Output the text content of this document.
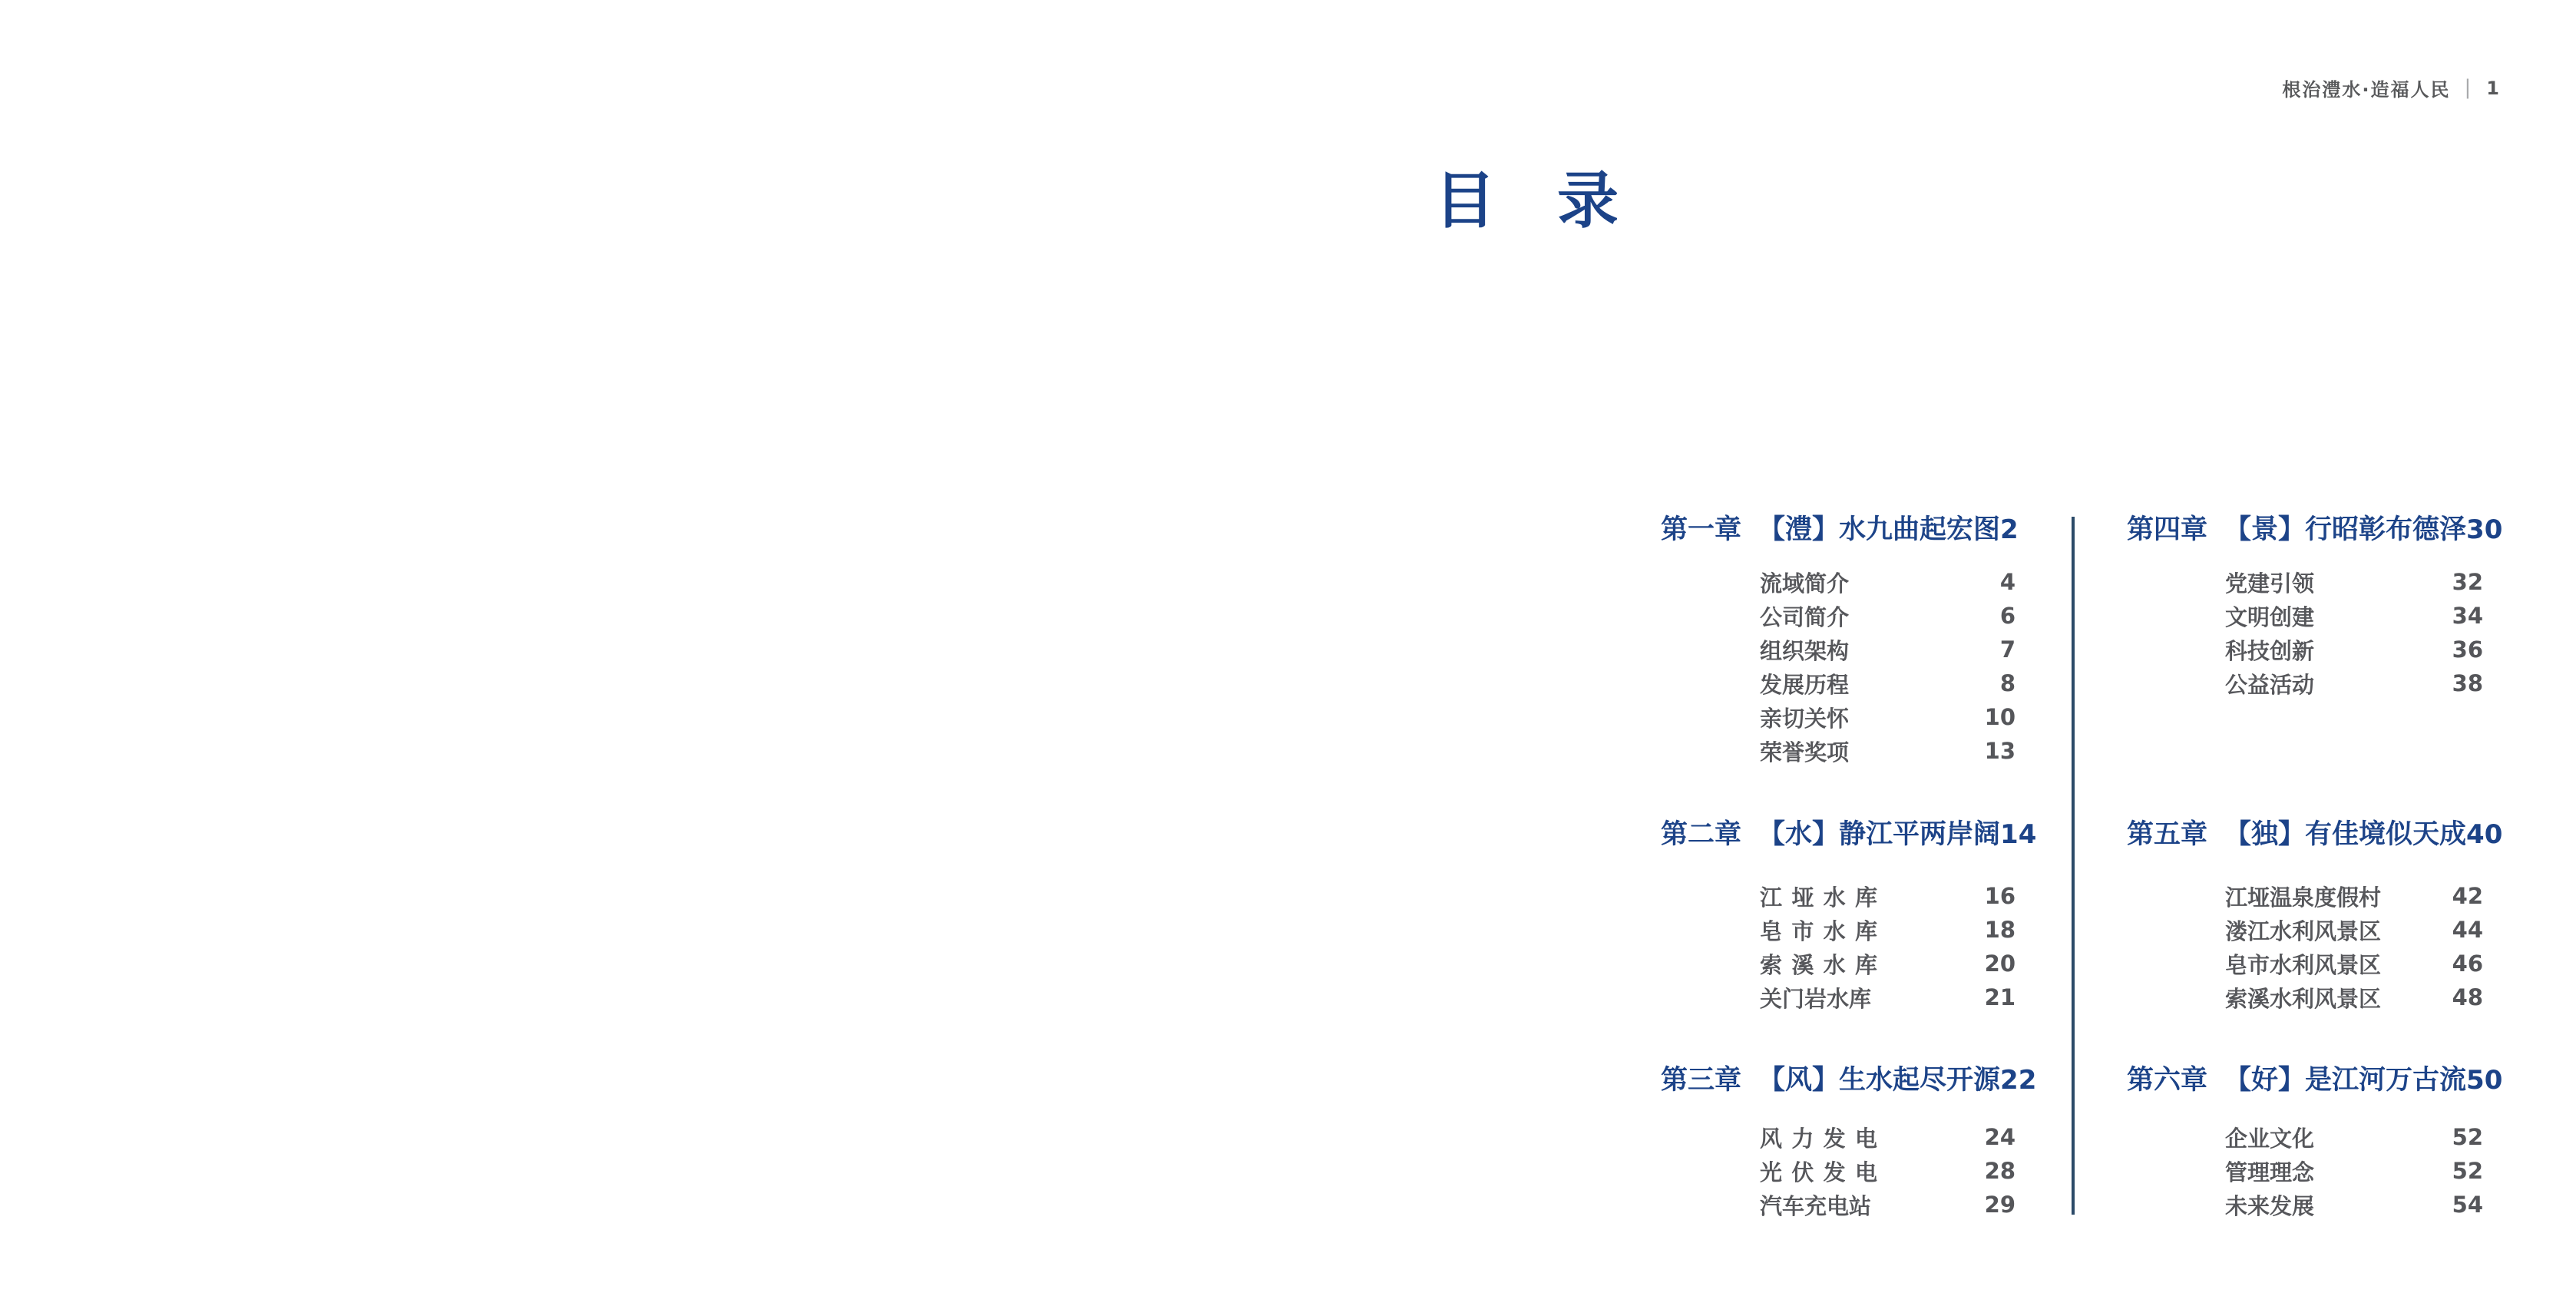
根治澧水·造福人民 | 1
目　录
第一章 【澧】水九曲起宏图 2
流域简介	4
公司简介	6
组织架构	7
发展历程	8
亲切关怀	10
荣誉奖项	13
第二章 【水】静江平两岸阔 14
江垭水库	16
皂市水库	18
索溪水库	20
关门岩水库	21
第三章 【风】生水起尽开源 22
风力发电	24
光伏发电	28
汽车充电站	29
第四章 【景】行昭彰布德泽 30
党建引领	32
文明创建	34
科技创新	36
公益活动	38
第五章 【独】有佳境似天成 40
江垭温泉度假村	42
溇江水利风景区	44
皂市水利风景区	46
索溪水利风景区	48
第六章 【好】是江河万古流 50
企业文化	52
管理理念	52
未来发展	54
